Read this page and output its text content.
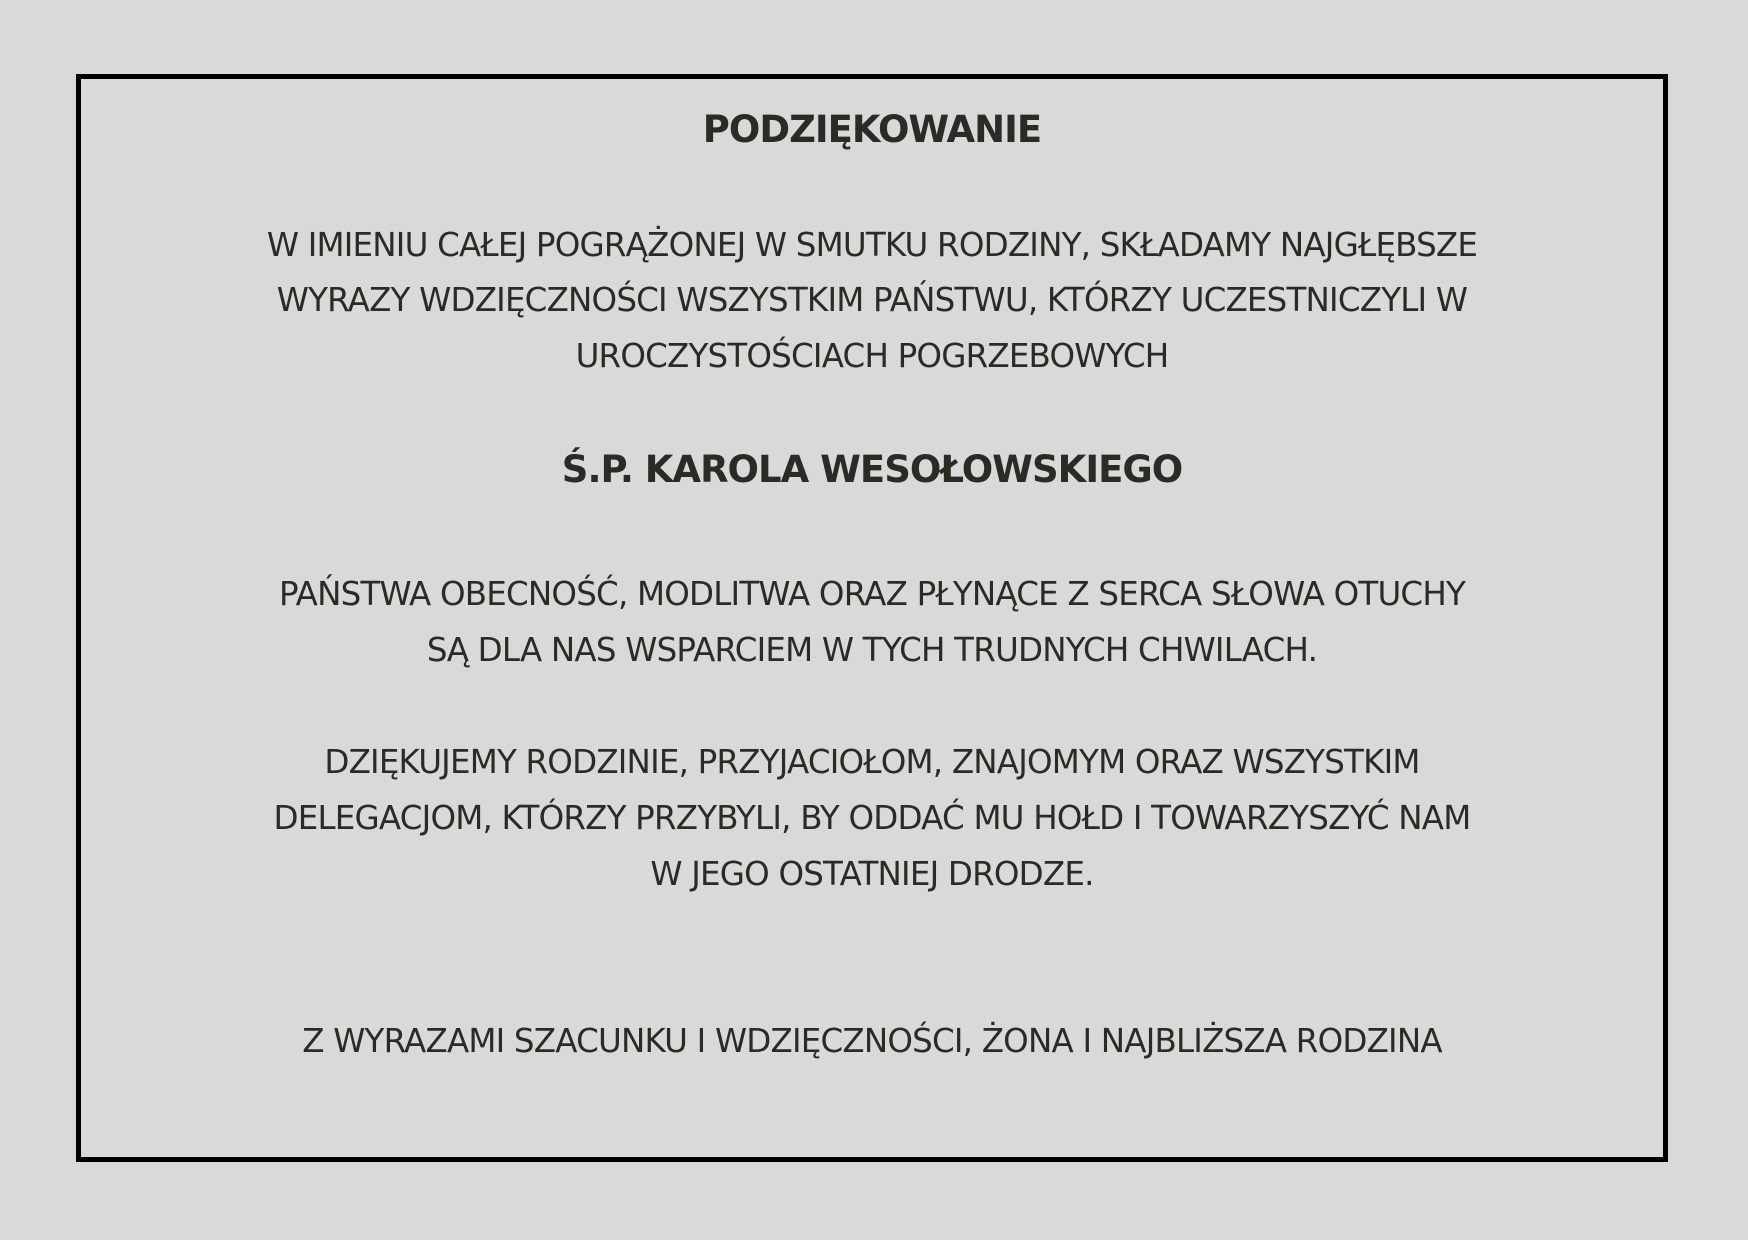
PODZIĘKOWANIE
W IMIENIU CAŁEJ POGRĄŻONEJ W SMUTKU RODZINY, SKŁADAMY NAJGŁĘBSZE
WYRAZY WDZIĘCZNOŚCI WSZYSTKIM PAŃSTWU, KTÓRZY UCZESTNICZYLI W
UROCZYSTOŚCIACH POGRZEBOWYCH
Ś.P. KAROLA WESOŁOWSKIEGO
PAŃSTWA OBECNOŚĆ, MODLITWA ORAZ PŁYNĄCE Z SERCA SŁOWA OTUCHY
SĄ DLA NAS WSPARCIEM W TYCH TRUDNYCH CHWILACH.
DZIĘKUJEMY RODZINIE, PRZYJACIOŁOM, ZNAJOMYM ORAZ WSZYSTKIM
DELEGACJOM, KTÓRZY PRZYBYLI, BY ODDAĆ MU HOŁD I TOWARZYSZYĆ NAM
W JEGO OSTATNIEJ DRODZE.
Z WYRAZAMI SZACUNKU I WDZIĘCZNOŚCI, ŻONA I NAJBLIŻSZA RODZINA
